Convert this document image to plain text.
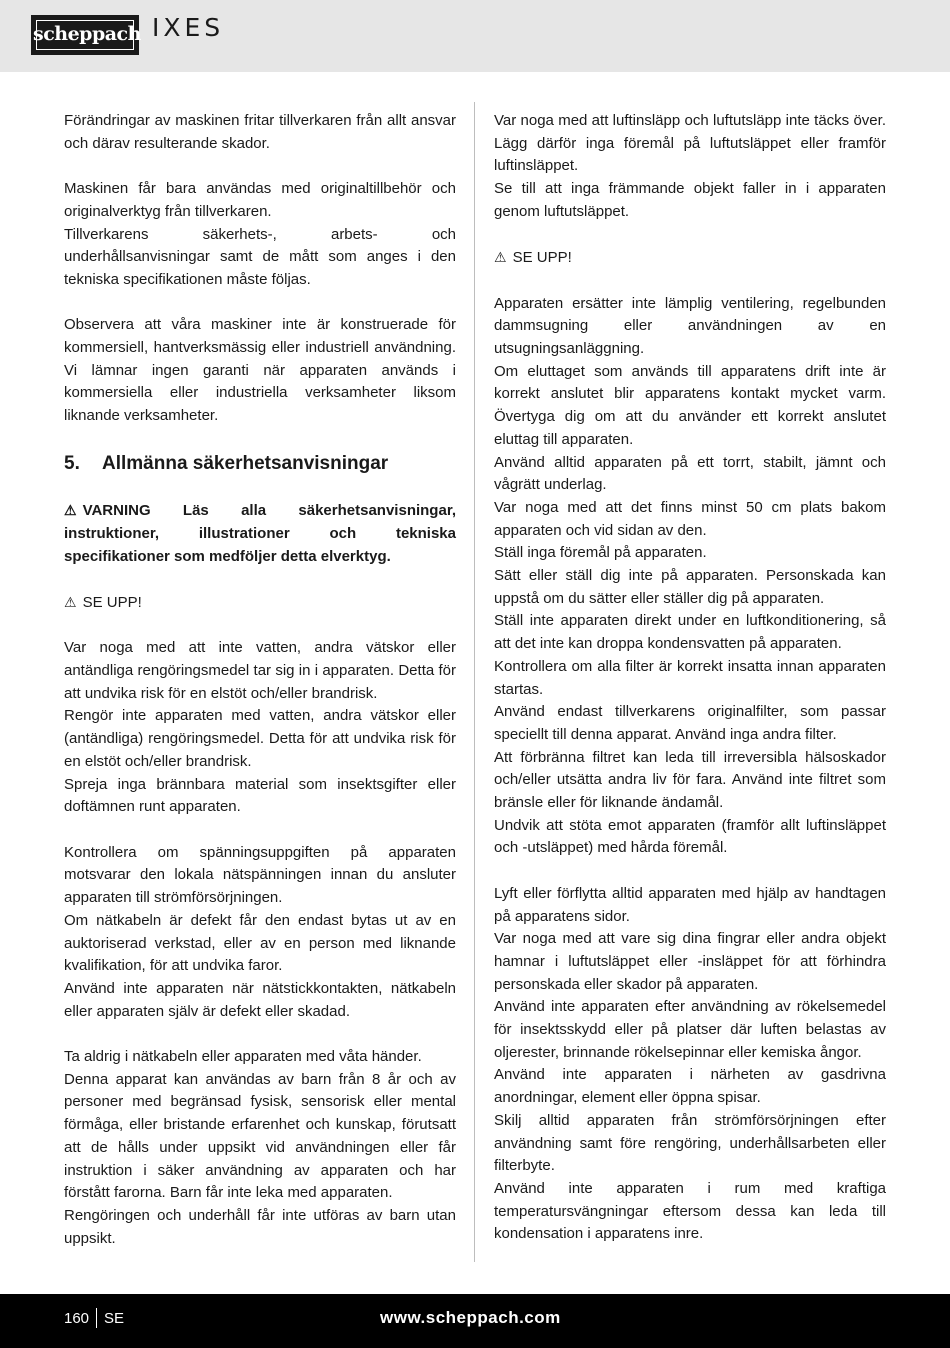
scheppach IXES

Förändringar av maskinen fritar tillverkaren från allt ansvar och därav resulterande skador.

Maskinen får bara användas med originaltillbehör och originalverktyg från tillverkaren.

Tillverkarens säkerhets-, arbets- och underhållsanvisningar samt de mått som anges i den tekniska specifikationen måste följas.

Observera att våra maskiner inte är konstruerade för kommersiell, hantverksmässig eller industriell användning. Vi lämnar ingen garanti när apparaten används i kommersiella eller industriella verksamheter liksom liknande verksamheter.

5. Allmänna säkerhetsanvisningar

⚠ VARNING Läs alla säkerhetsanvisningar, instruktioner, illustrationer och tekniska specifikationer som medföljer detta elverktyg.

⚠ SE UPP!

Var noga med att inte vatten, andra vätskor eller antändliga rengöringsmedel tar sig in i apparaten. Detta för att undvika risk för en elstöt och/eller brandrisk.

Rengör inte apparaten med vatten, andra vätskor eller (antändliga) rengöringsmedel. Detta för att undvika risk för en elstöt och/eller brandrisk.

Spreja inga brännbara material som insektsgifter eller doftämnen runt apparaten.

Kontrollera om spänningsuppgiften på apparaten motsvarar den lokala nätspänningen innan du ansluter apparaten till strömförsörjningen.

Om nätkabeln är defekt får den endast bytas ut av en auktoriserad verkstad, eller av en person med liknande kvalifikation, för att undvika faror.

Använd inte apparaten när nätstickkontakten, nätkabeln eller apparaten själv är defekt eller skadad.

Ta aldrig i nätkabeln eller apparaten med våta händer.

Denna apparat kan användas av barn från 8 år och av personer med begränsad fysisk, sensorisk eller mental förmåga, eller bristande erfarenhet och kunskap, förutsatt att de hålls under uppsikt vid användningen eller får instruktion i säker användning av apparaten och har förstått farorna. Barn får inte leka med apparaten.

Rengöringen och underhåll får inte utföras av barn utan uppsikt.

Var noga med att luftinsläpp och luftutsläpp inte täcks över. Lägg därför inga föremål på luftutsläppet eller framför luftinsläppet.

Se till att inga främmande objekt faller in i apparaten genom luftutsläppet.

⚠ SE UPP!

Apparaten ersätter inte lämplig ventilering, regelbunden dammsugning eller användningen av en utsugningsanläggning.

Om eluttaget som används till apparatens drift inte är korrekt anslutet blir apparatens kontakt mycket varm. Övertyga dig om att du använder ett korrekt anslutet eluttag till apparaten.

Använd alltid apparaten på ett torrt, stabilt, jämnt och vågrätt underlag.

Var noga med att det finns minst 50 cm plats bakom apparaten och vid sidan av den.

Ställ inga föremål på apparaten.

Sätt eller ställ dig inte på apparaten. Personskada kan uppstå om du sätter eller ställer dig på apparaten.

Ställ inte apparaten direkt under en luftkonditionering, så att det inte kan droppa kondensvatten på apparaten.

Kontrollera om alla filter är korrekt insatta innan apparaten startas.

Använd endast tillverkarens originalfilter, som passar speciellt till denna apparat. Använd inga andra filter.

Att förbränna filtret kan leda till irreversibla hälsoskador och/eller utsätta andra liv för fara. Använd inte filtret som bränsle eller för liknande ändamål.

Undvik att stöta emot apparaten (framför allt luftinsläppet och -utsläppet) med hårda föremål.

Lyft eller förflytta alltid apparaten med hjälp av handtagen på apparatens sidor.

Var noga med att vare sig dina fingrar eller andra objekt hamnar i luftutsläppet eller -insläppet för att förhindra personskada eller skador på apparaten.

Använd inte apparaten efter användning av rökelsemedel för insektsskydd eller på platser där luften belastas av oljerester, brinnande rökelsepinnar eller kemiska ångor.

Använd inte apparaten i närheten av gasdrivna anordningar, element eller öppna spisar.

Skilj alltid apparaten från strömförsörjningen efter användning samt före rengöring, underhållsarbeten eller filterbyte.

Använd inte apparaten i rum med kraftiga temperatursvängningar eftersom dessa kan leda till kondensation i apparatens inre.

160 SE	www.scheppach.com
